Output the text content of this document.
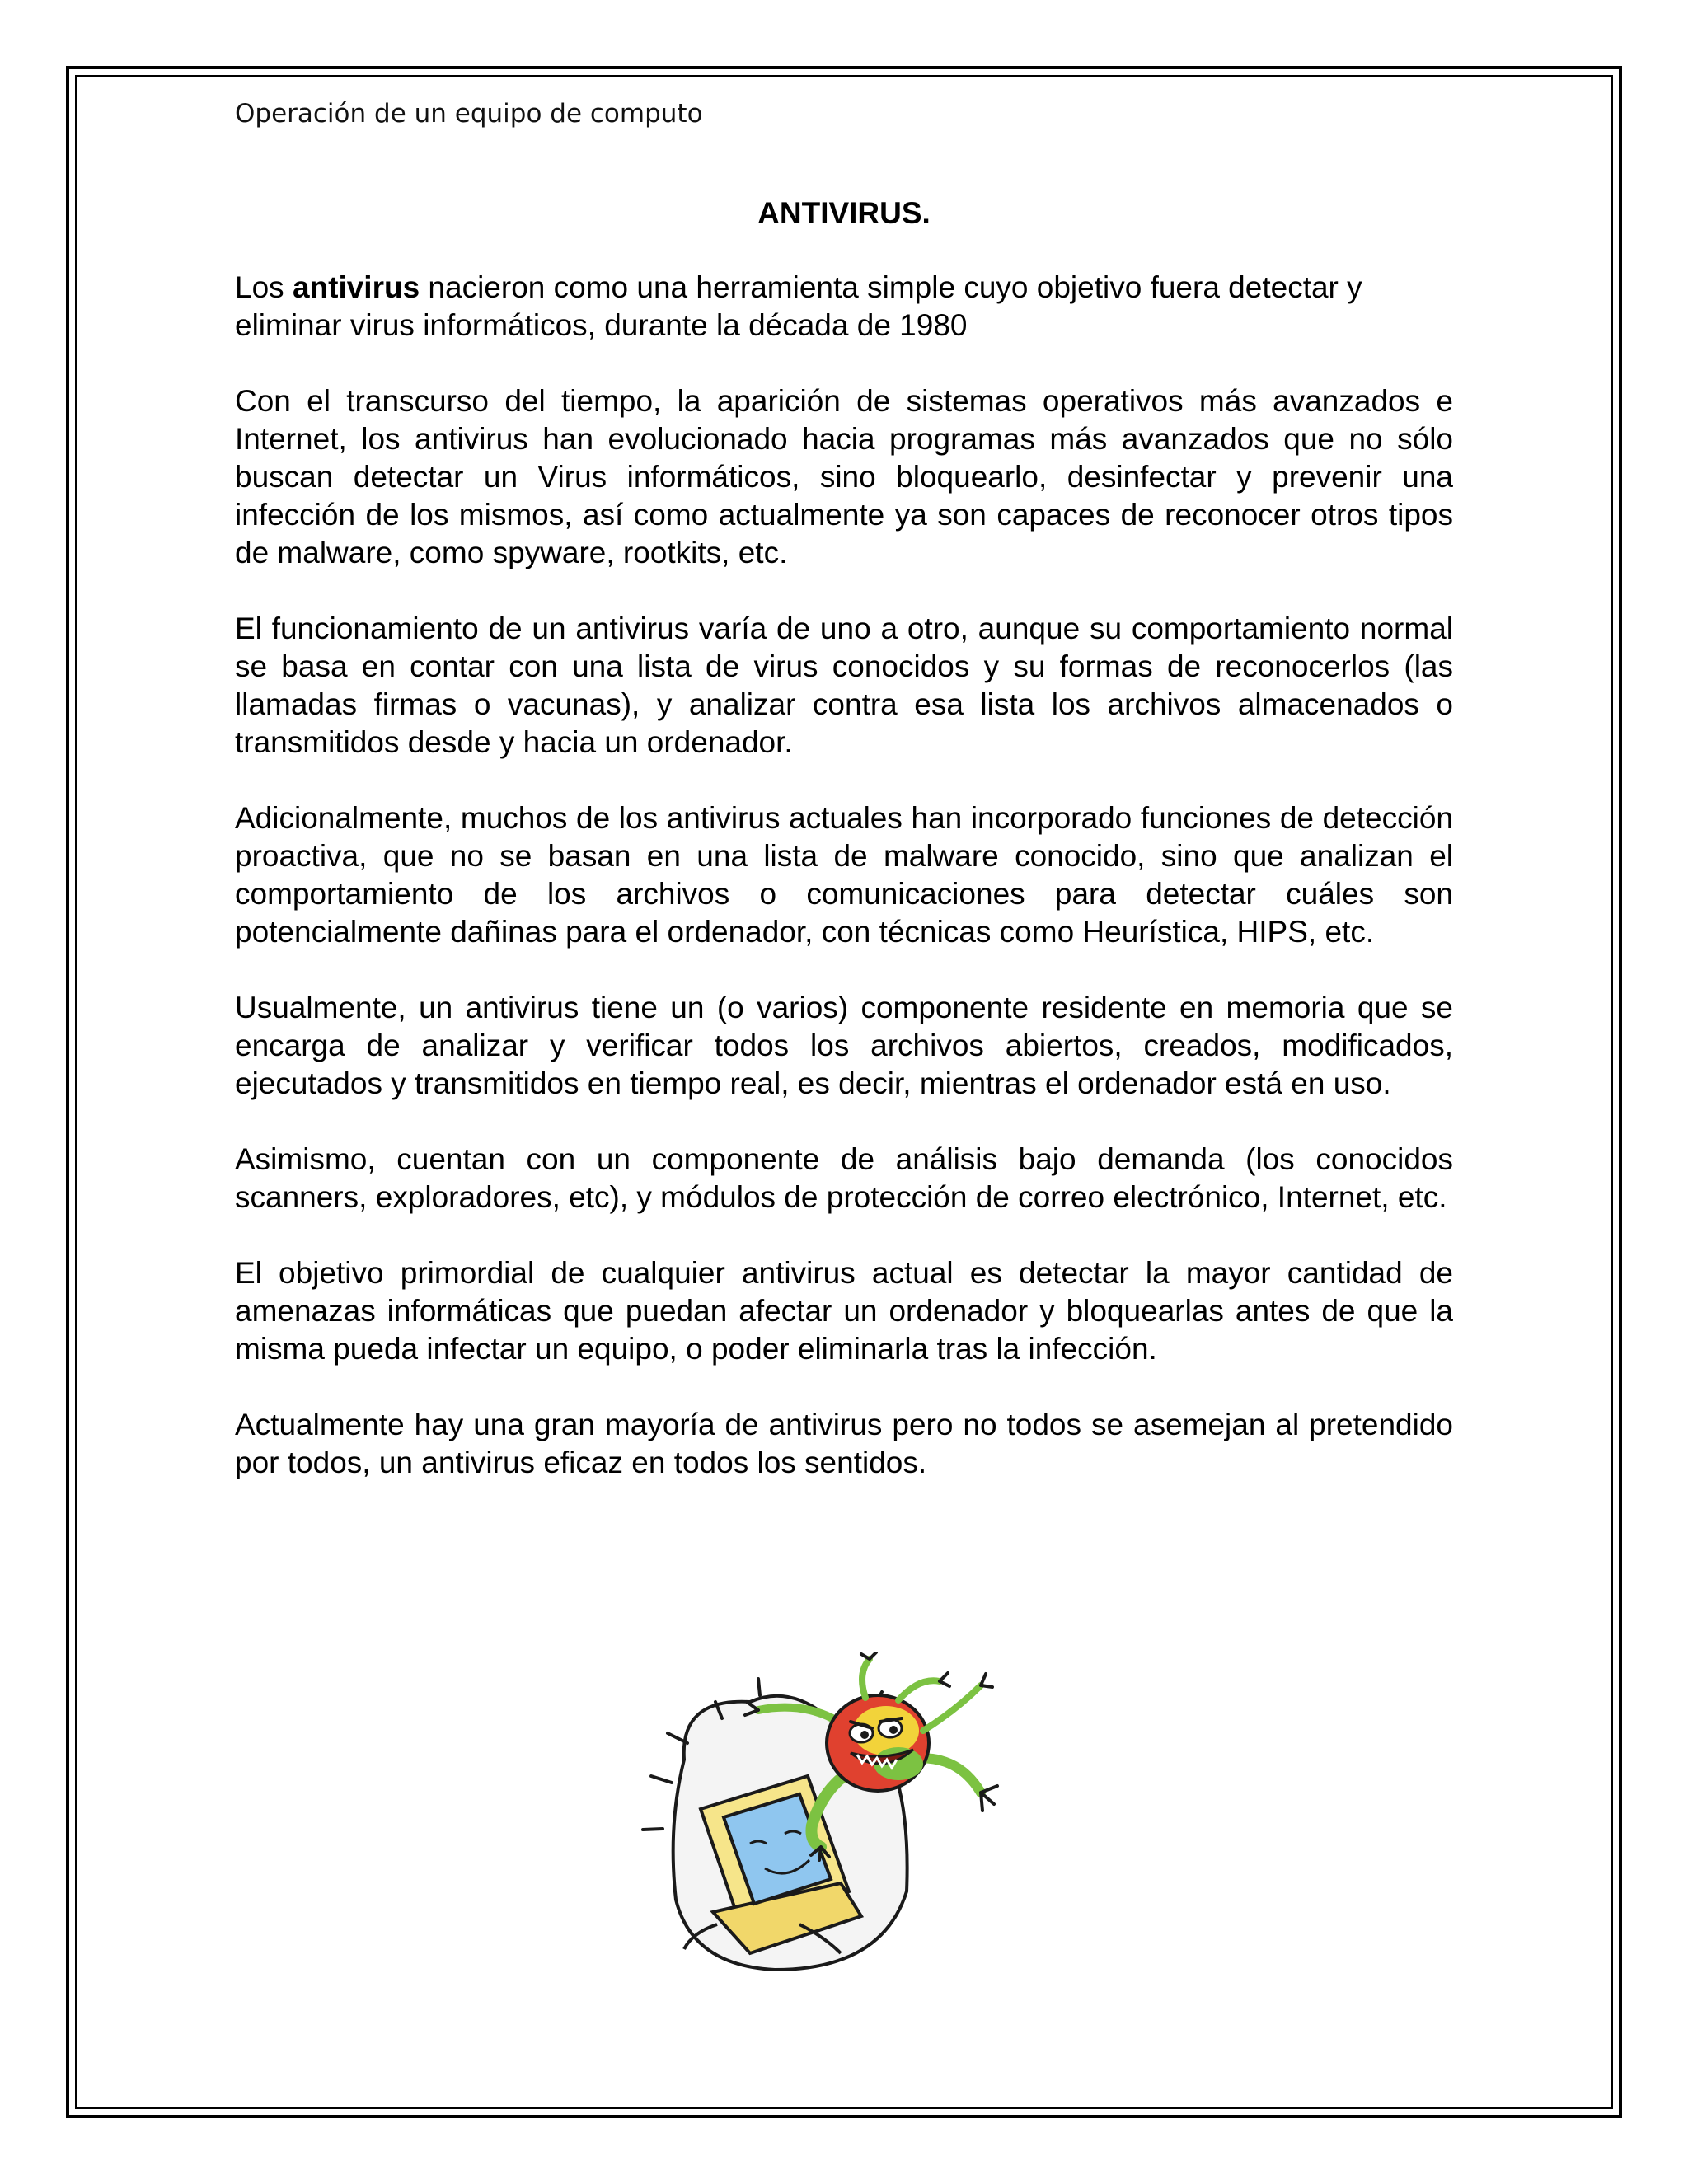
Operación de un equipo de computo
ANTIVIRUS.

Los antivirus nacieron como una herramienta simple cuyo objetivo fuera detectar y eliminar virus informáticos, durante la década de 1980

Con el transcurso del tiempo, la aparición de sistemas operativos más avanzados e Internet, los antivirus han evolucionado hacia programas más avanzados que no sólo buscan detectar un Virus informáticos, sino bloquearlo, desinfectar y prevenir una infección de los mismos, así como actualmente ya son capaces de reconocer otros tipos de malware, como spyware, rootkits, etc.

El funcionamiento de un antivirus varía de uno a otro, aunque su comportamiento normal se basa en contar con una lista de virus conocidos y su formas de reconocerlos (las llamadas firmas o vacunas), y analizar contra esa lista los archivos almacenados o transmitidos desde y hacia un ordenador.

Adicionalmente, muchos de los antivirus actuales han incorporado funciones de detección proactiva, que no se basan en una lista de malware conocido, sino que analizan el comportamiento de los archivos o comunicaciones para detectar cuáles son potencialmente dañinas para el ordenador, con técnicas como Heurística, HIPS, etc.

Usualmente, un antivirus tiene un (o varios) componente residente en memoria que se encarga de analizar y verificar todos los archivos abiertos, creados, modificados, ejecutados y transmitidos en tiempo real, es decir, mientras el ordenador está en uso.

Asimismo, cuentan con un componente de análisis bajo demanda (los conocidos scanners, exploradores, etc), y módulos de protección de correo electrónico, Internet, etc.

El objetivo primordial de cualquier antivirus actual es detectar la mayor cantidad de amenazas informáticas que puedan afectar un ordenador y bloquearlas antes de que la misma pueda infectar un equipo, o poder eliminarla tras la infección.

Actualmente hay una gran mayoría de antivirus pero no todos se asemejan al pretendido por todos, un antivirus eficaz en todos los sentidos.
